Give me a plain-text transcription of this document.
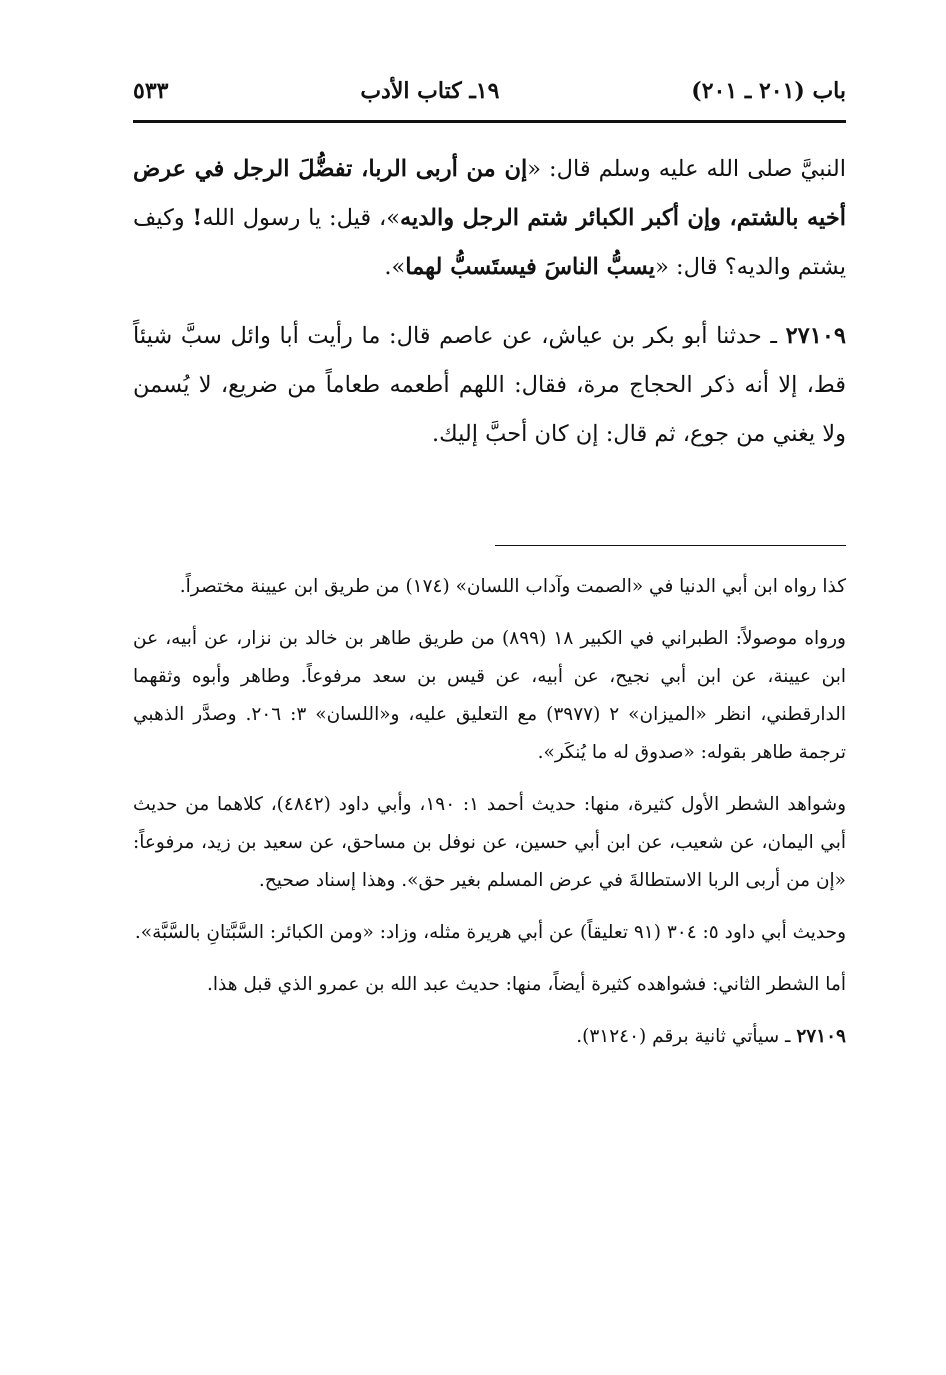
باب (٢٠١ ـ ٢٠١)
١٩ـ كتاب الأدب
٥٣٣

النبيَّ صلى الله عليه وسلم قال: «إن من أربى الربا، تفضُّلَ الرجل في عرض أخيه بالشتم، وإن أكبر الكبائر شتم الرجل والديه»، قيل: يا رسول الله! وكيف يشتم والديه؟ قال: «يسبُّ الناسَ فيستَسبُّ لهما».

٢٧١٠٩ ـ حدثنا أبو بكر بن عياش، عن عاصم قال: ما رأيت أبا وائل سبَّ شيئاً قط، إلا أنه ذكر الحجاج مرة، فقال: اللهم أطعمه طعاماً من ضريع، لا يُسمن ولا يغني من جوع، ثم قال: إن كان أحبَّ إليك.

كذا رواه ابن أبي الدنيا في «الصمت وآداب اللسان» (١٧٤) من طريق ابن عيينة مختصراً.

ورواه موصولاً: الطبراني في الكبير ١٨ (٨٩٩) من طريق طاهر بن خالد بن نزار، عن أبيه، عن ابن عيينة، عن ابن أبي نجيح، عن أبيه، عن قيس بن سعد مرفوعاً. وطاهر وأبوه وثقهما الدارقطني، انظر «الميزان» ٢ (٣٩٧٧) مع التعليق عليه، و«اللسان» ٣: ٢٠٦. وصدَّر الذهبي ترجمة طاهر بقوله: «صدوق له ما يُنكَر».

وشواهد الشطر الأول كثيرة، منها: حديث أحمد ١: ١٩٠، وأبي داود (٤٨٤٢)، كلاهما من حديث أبي اليمان، عن شعيب، عن ابن أبي حسين، عن نوفل بن مساحق، عن سعيد بن زيد، مرفوعاً: «إن من أربى الربا الاستطالةَ في عرض المسلم بغير حق». وهذا إسناد صحيح.

وحديث أبي داود ٥: ٣٠٤ (٩١ تعليقاً) عن أبي هريرة مثله، وزاد: «ومن الكبائر: السَّبَّتانِ بالسَّبَّة».

أما الشطر الثاني: فشواهده كثيرة أيضاً، منها: حديث عبد الله بن عمرو الذي قبل هذا.

٢٧١٠٩ ـ سيأتي ثانية برقم (٣١٢٤٠).
